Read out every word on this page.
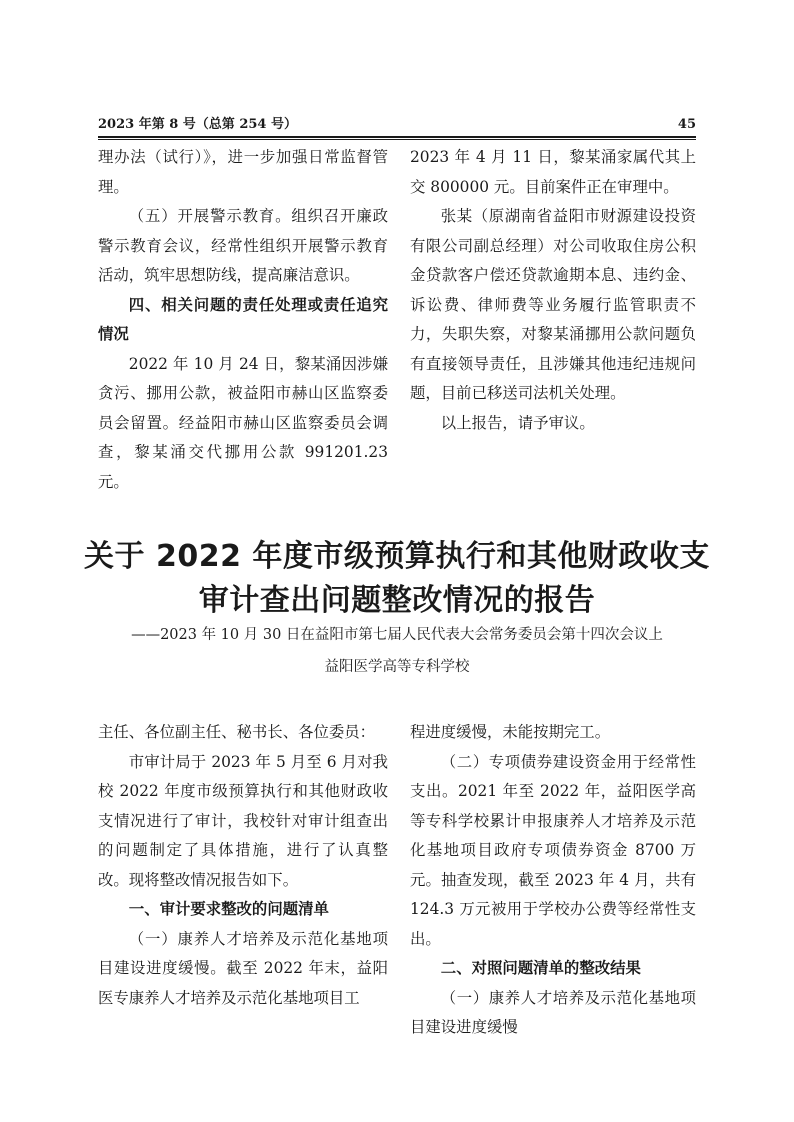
2023 年第 8 号（总第 254 号）	45

理办法（试行）》，进一步加强日常监督管理。

（五）开展警示教育。组织召开廉政警示教育会议，经常性组织开展警示教育活动，筑牢思想防线，提高廉洁意识。

四、相关问题的责任处理或责任追究情况

2022 年 10 月 24 日，黎某涌因涉嫌贪污、挪用公款，被益阳市赫山区监察委员会留置。经益阳市赫山区监察委员会调查，黎某涌交代挪用公款 991201.23 元。

2023 年 4 月 11 日，黎某涌家属代其上交 800000 元。目前案件正在审理中。

张某（原湖南省益阳市财源建设投资有限公司副总经理）对公司收取住房公积金贷款客户偿还贷款逾期本息、违约金、诉讼费、律师费等业务履行监管职责不力，失职失察，对黎某涌挪用公款问题负有直接领导责任，且涉嫌其他违纪违规问题，目前已移送司法机关处理。

以上报告，请予审议。

关于 2022 年度市级预算执行和其他财政收支
审计查出问题整改情况的报告
——2023 年 10 月 30 日在益阳市第七届人民代表大会常务委员会第十四次会议上
益阳医学高等专科学校

主任、各位副主任、秘书长、各位委员：

市审计局于 2023 年 5 月至 6 月对我校 2022 年度市级预算执行和其他财政收支情况进行了审计，我校针对审计组查出的问题制定了具体措施，进行了认真整改。现将整改情况报告如下。

一、审计要求整改的问题清单

（一）康养人才培养及示范化基地项目建设进度缓慢。截至 2022 年末，益阳医专康养人才培养及示范化基地项目工

程进度缓慢，未能按期完工。

（二）专项债券建设资金用于经常性支出。2021 年至 2022 年，益阳医学高等专科学校累计申报康养人才培养及示范化基地项目政府专项债券资金 8700 万元。抽查发现，截至 2023 年 4 月，共有 124.3 万元被用于学校办公费等经常性支出。

二、对照问题清单的整改结果

（一）康养人才培养及示范化基地项目建设进度缓慢
